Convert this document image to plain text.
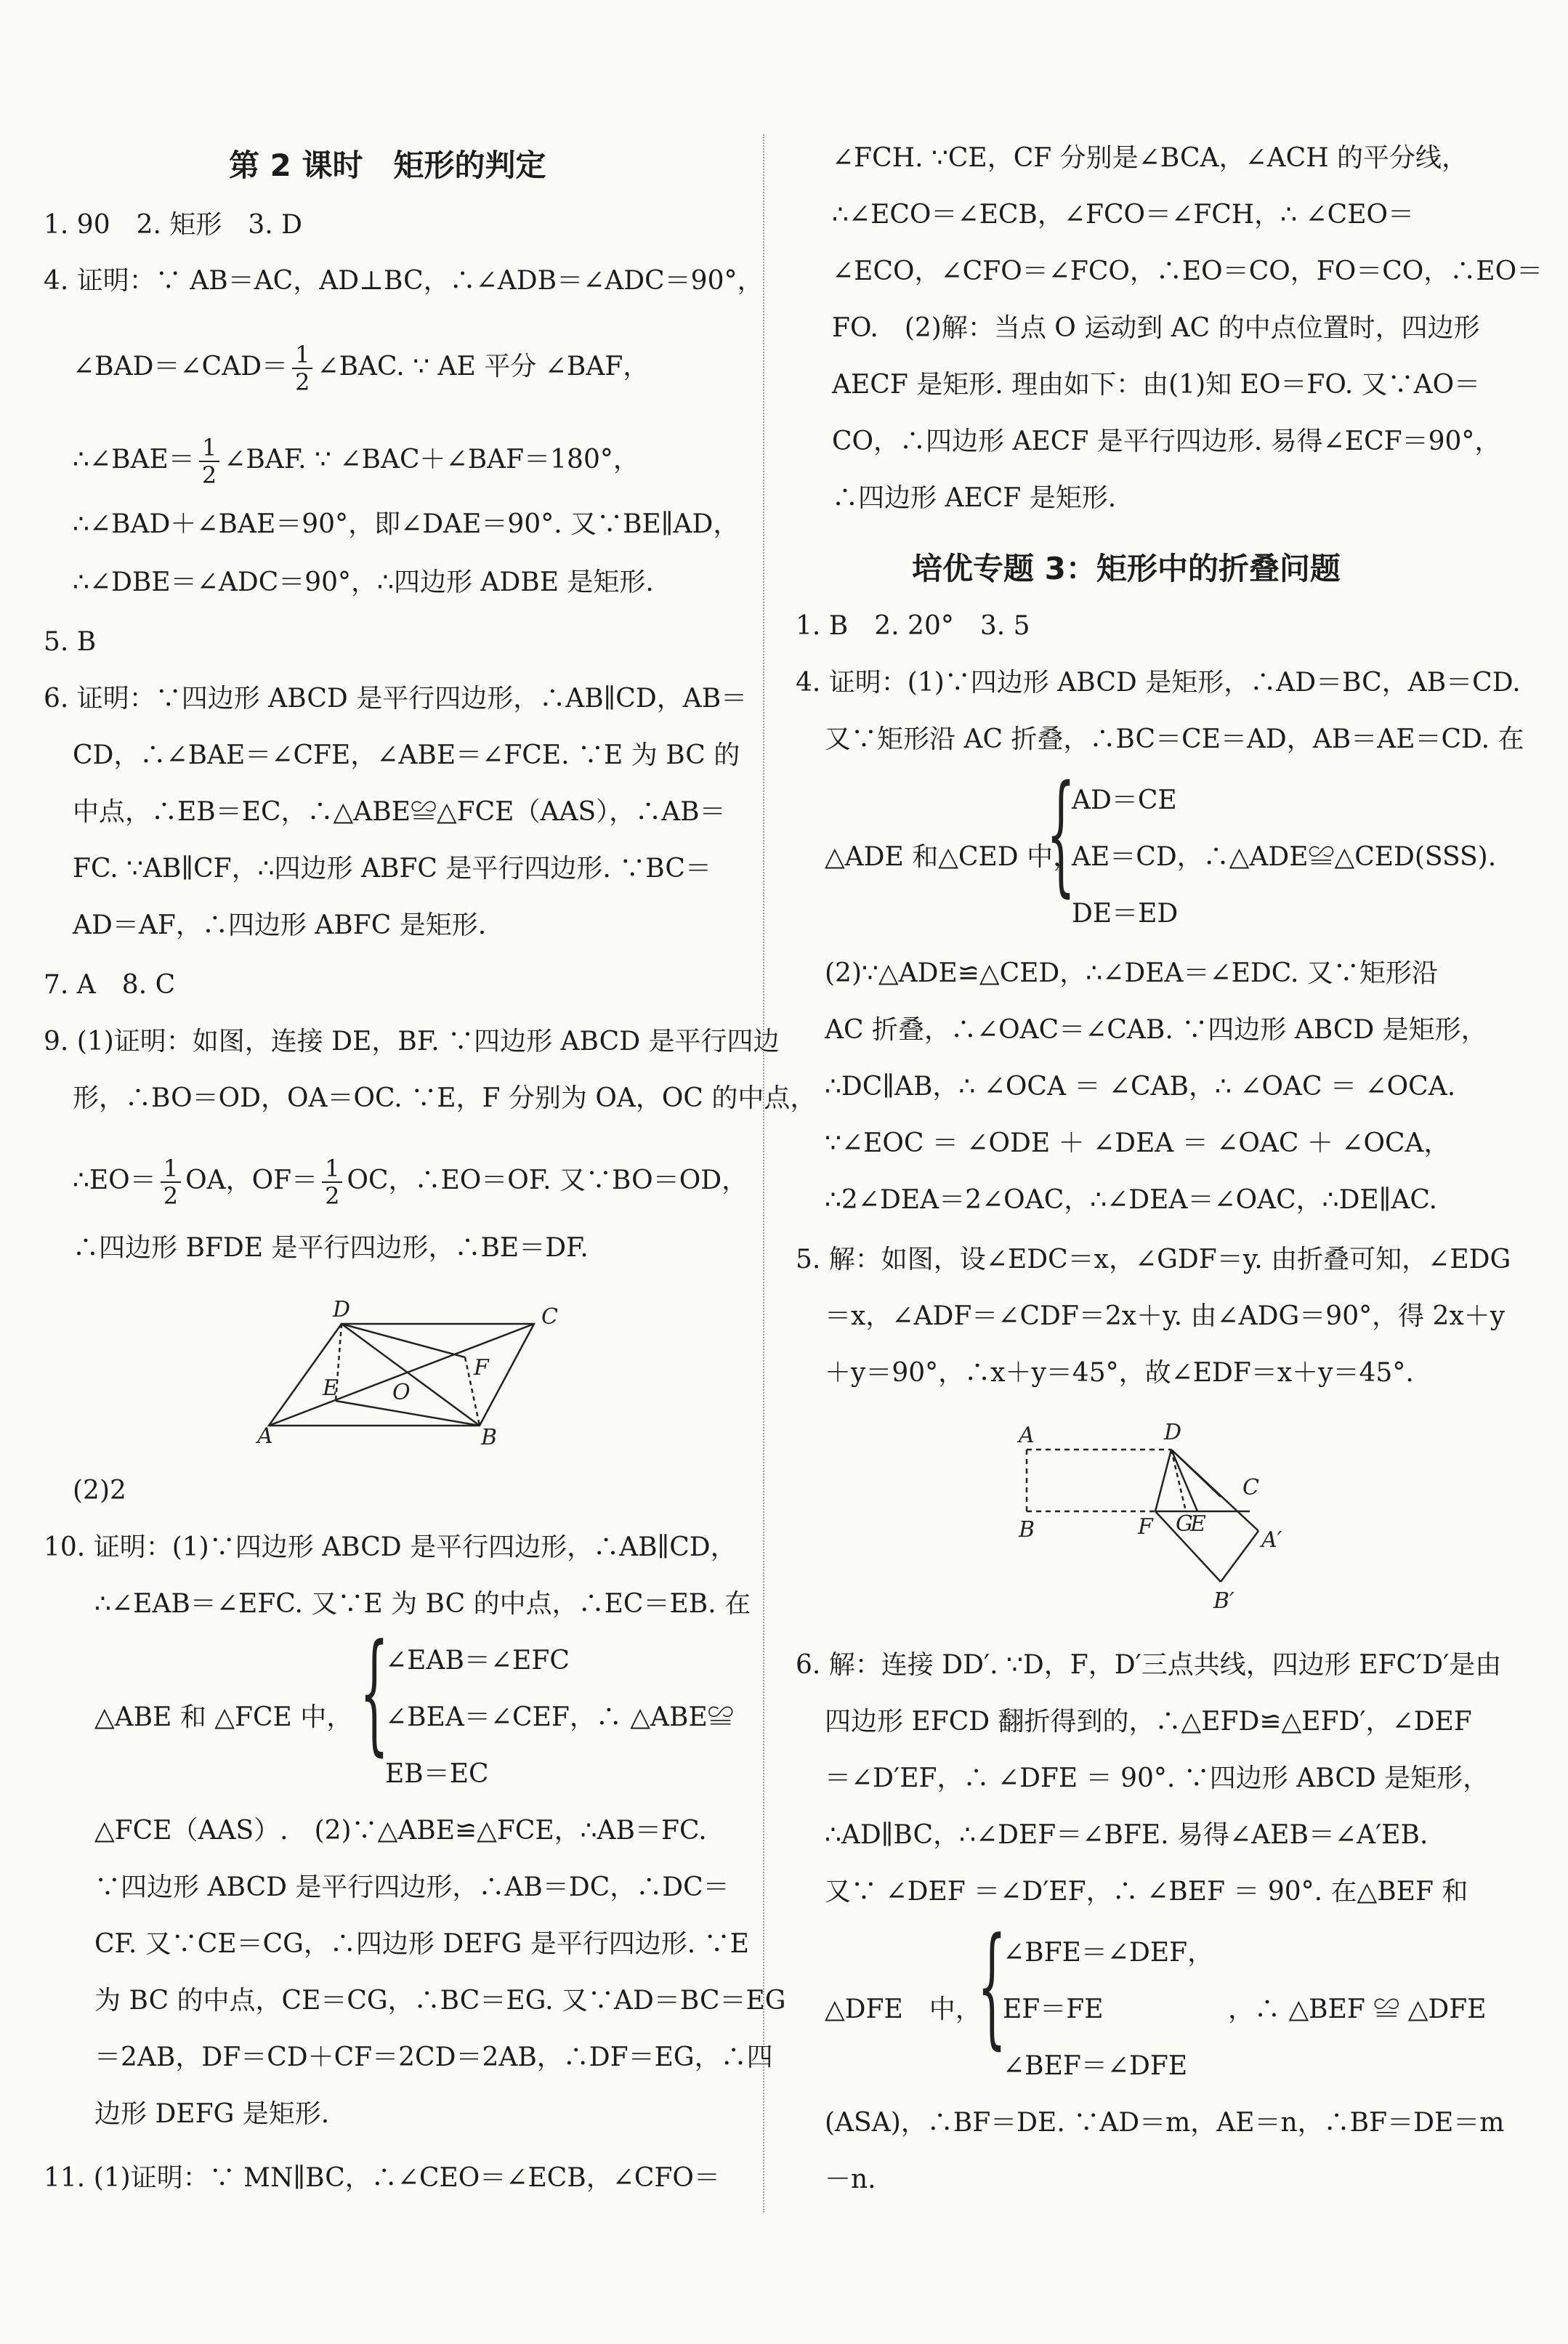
第 2 课时　矩形的判定
1. 90　2. 矩形　3. D
4. 证明：∵ AB＝AC，AD⊥BC，∴∠ADB＝∠ADC＝90°，
∠BAD＝∠CAD＝ $\frac{1}{2}$ ∠BAC. ∵ AE 平分 ∠BAF，
∴∠BAE＝ $\frac{1}{2}$ ∠BAF. ∵ ∠BAC＋∠BAF＝180°，
∴∠BAD＋∠BAE＝90°，即∠DAE＝90°. 又∵BE∥AD，
∴∠DBE＝∠ADC＝90°，∴四边形 ADBE 是矩形.
5. B
6. 证明：∵四边形 ABCD 是平行四边形，∴AB∥CD，AB＝
CD，∴∠BAE＝∠CFE，∠ABE＝∠FCE. ∵E 为 BC 的
中点，∴EB＝EC，∴△ABE≌△FCE（AAS），∴AB＝
FC. ∵AB∥CF，∴四边形 ABFC 是平行四边形. ∵BC＝
AD＝AF，∴四边形 ABFC 是矩形.
7. A　8. C
9. (1)证明：如图，连接 DE，BF. ∵四边形 ABCD 是平行四边
形，∴BO＝OD，OA＝OC. ∵E，F 分别为 OA，OC 的中点，
∴EO＝ $\frac{1}{2}$ OA，$OF= \frac{1}{2}$ OC，∴EO＝OF. 又∵BO＝OD，
∴四边形 BFDE 是平行四边形，∴BE＝DF.
D	C
F
E O
A	B
(2)2
10. 证明：(1)∵四边形 ABCD 是平行四边形，∴AB∥CD，
∴∠EAB＝∠EFC. 又∵E 为 BC 的中点，∴EC＝EB. 在
△ABE 和 △FCE 中， {
∠EAB＝∠EFC
∠BEA＝∠CEF，∴ △ABE≌
EB＝EC
△FCE（AAS）.　(2)∵△ABE≌△FCE，∴AB＝FC.
∵四边形 ABCD 是平行四边形，∴AB＝DC，∴DC＝
CF. 又∵CE＝CG，∴四边形 DEFG 是平行四边形. ∵E
为 BC 的中点，CE＝CG，∴BC＝EG. 又∵AD＝BC＝EG
＝2AB，DF＝CD＋CF＝2CD＝2AB，∴DF＝EG，∴四
边形 DEFG 是矩形.
11. (1)证明：∵ MN∥BC，∴∠CEO＝∠ECB，∠CFO＝
∠FCH. ∵CE，CF 分别是∠BCA，∠ACH 的平分线，
∴∠ECO＝∠ECB，∠FCO＝∠FCH，∴ ∠CEO＝
∠ECO，∠CFO＝∠FCO，∴EO＝CO，FO＝CO，∴EO＝
FO.　(2)解：当点 O 运动到 AC 的中点位置时，四边形
AECF 是矩形. 理由如下：由(1)知 EO＝FO. 又∵AO＝
CO，∴四边形 AECF 是平行四边形. 易得∠ECF＝90°，
∴四边形 AECF 是矩形.
培优专题 3：矩形中的折叠问题
1. B　2. 20°　3. 5
4. 证明：(1)∵四边形 ABCD 是矩形，∴AD＝BC，AB＝CD.
又∵矩形沿 AC 折叠，∴BC＝CE＝AD，AB＝AE＝CD. 在
AD＝CE
△ADE 和△CED 中，
{
AE＝CD，∴△ADE≌△CED(SSS).
DE＝ED
(2)∵△ADE≌△CED，∴∠DEA＝∠EDC. 又∵矩形沿
AC 折叠，∴∠OAC＝∠CAB. ∵四边形 ABCD 是矩形，
∴DC∥AB，∴ ∠OCA ＝ ∠CAB，∴ ∠OAC ＝ ∠OCA.
∵∠EOC ＝ ∠ODE ＋ ∠DEA ＝ ∠OAC ＋ ∠OCA，
∴2∠DEA＝2∠OAC，∴∠DEA＝∠OAC，∴DE∥AC.
5. 解：如图，设∠EDC＝x，∠GDF＝y. 由折叠可知，∠EDG
＝x，∠ADF＝∠CDF＝2x＋y. 由∠ADG＝90°，得 2x＋y
＋y＝90°，∴x＋y＝45°，故∠EDF＝x＋y＝45°.
A	D
C
B	F G
E
A′
B′
6. 解：连接 DD′. ∵D，F，D′三点共线，四边形 EFC′D′是由
四边形 EFCD 翻折得到的，∴△EFD≌△EFD′，∠DEF
＝∠D′EF，∴ ∠DFE ＝ 90°. ∵四边形 ABCD 是矩形，
∴AD∥BC，∴∠DEF＝∠BFE. 易得∠AEB＝∠A′EB.
又∵ ∠DEF ＝∠D′EF，∴ ∠BEF ＝ 90°. 在△BEF 和
∠BFE＝∠DEF，
△DFE　中，
{
EF＝FE	，∴ △BEF ≌ △DFE
∠BEF＝∠DFE
(ASA)，∴BF＝DE. ∵AD＝m，AE＝n，∴BF＝DE＝m
－n.
